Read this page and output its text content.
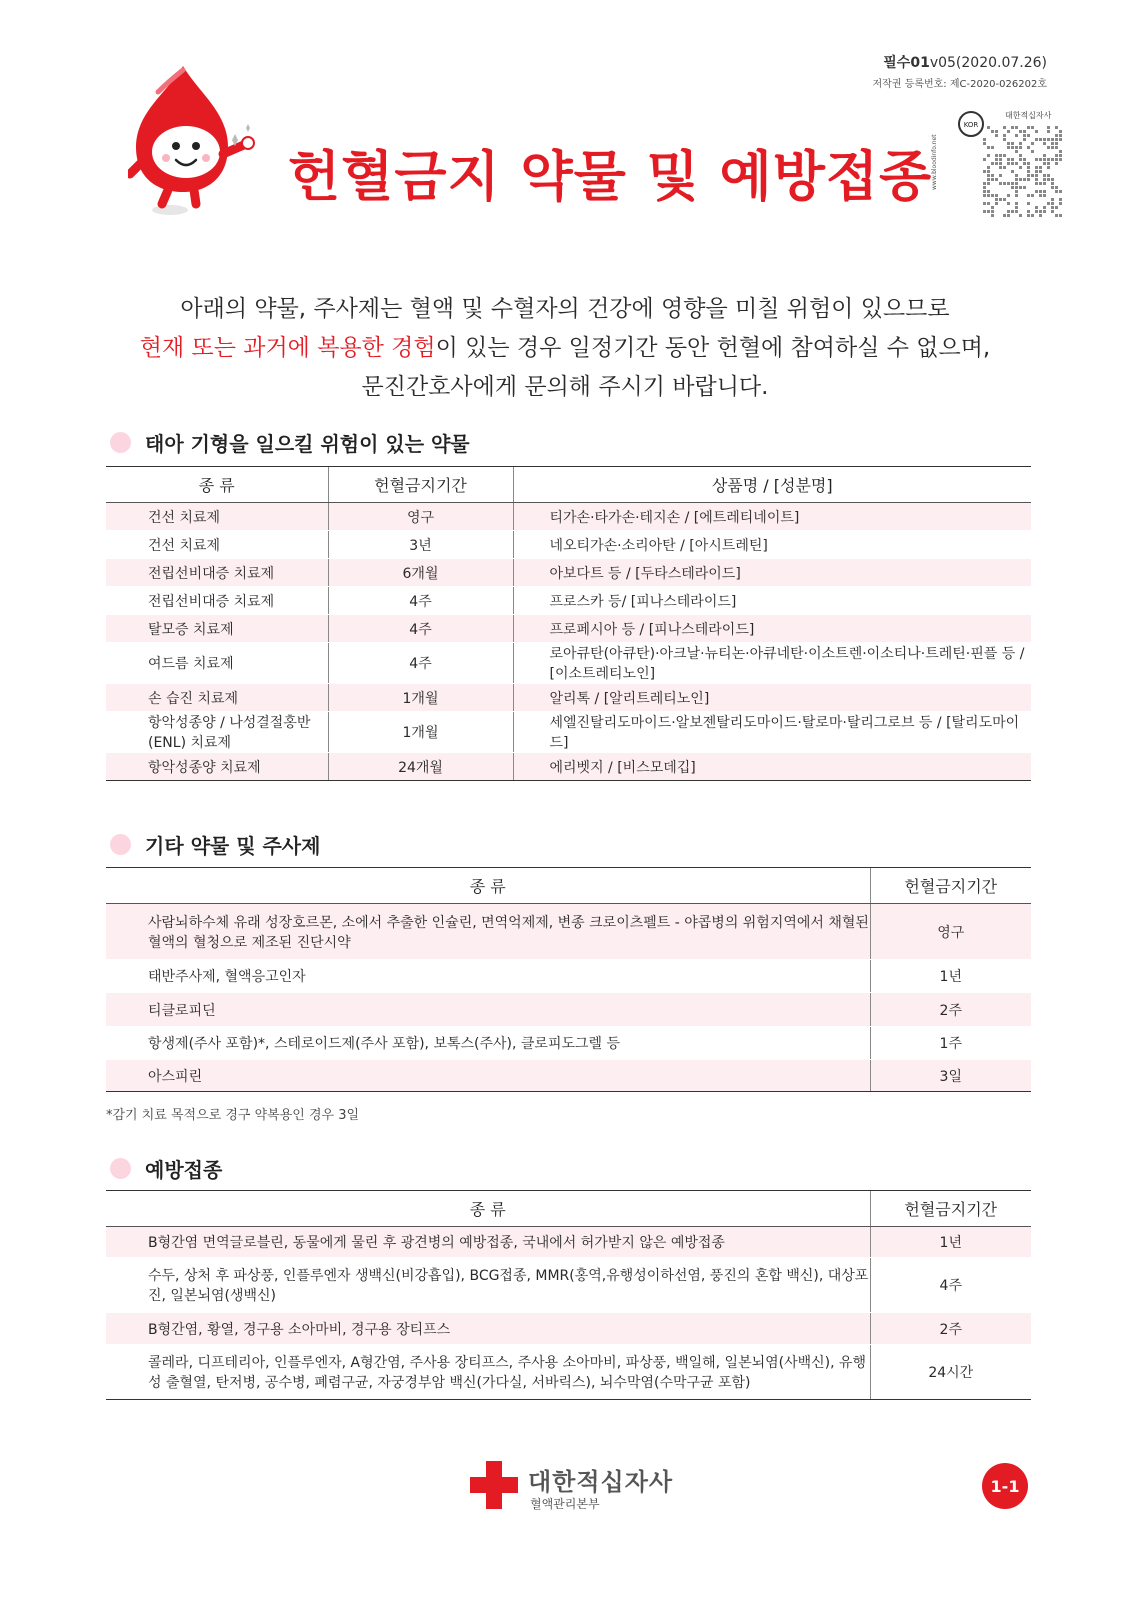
필수01v05(2020.07.26)
저작권 등록번호: 제C-2020-026202호
KOR
대한적십자사
www.bloodinfo.net
헌혈금지 약물 및 예방접종
아래의 약물, 주사제는 혈액 및 수혈자의 건강에 영향을 미칠 위험이 있으므로
현재 또는 과거에 복용한 경험이 있는 경우 일정기간 동안 헌혈에 참여하실 수 없으며,
문진간호사에게 문의해 주시기 바랍니다.
태아 기형을 일으킬 위험이 있는 약물
종 류	헌혈금지기간	상품명 / [성분명]
건선 치료제	영구	티가손·타가손·테지손 / [에트레티네이트]
건선 치료제	3년	네오티가손·소리아탄 / [아시트레틴]
전립선비대증 치료제	6개월	아보다트 등 / [두타스테라이드]
전립선비대증 치료제	4주	프로스카 등/ [피나스테라이드]
탈모증 치료제	4주	프로페시아 등 / [피나스테라이드]
여드름 치료제	4주	로아큐탄(아큐탄)·아크날·뉴티논·아큐네탄·이소트렌·이소티나·트레틴·핀플 등 / [이소트레티노인]
손 습진 치료제	1개월	알리톡 / [알리트레티노인]
항악성종양 / 나성결절홍반 (ENL) 치료제	1개월	세엘진탈리도마이드·알보젠탈리도마이드·탈로마·탈리그로브 등 / [탈리도마이드]
항악성종양 치료제	24개월	에리벳지 / [비스모데깁]
기타 약물 및 주사제
종 류	헌혈금지기간
사람뇌하수체 유래 성장호르몬, 소에서 추출한 인슐린, 면역억제제, 변종 크로이츠펠트 - 야콥병의 위험지역에서 채혈된 혈액의 혈청으로 제조된 진단시약	영구
태반주사제, 혈액응고인자	1년
티클로피딘	2주
항생제(주사 포함)*, 스테로이드제(주사 포함), 보톡스(주사), 클로피도그렐 등	1주
아스피린	3일
*감기 치료 목적으로 경구 약복용인 경우 3일
예방접종
종 류	헌혈금지기간
B형간염 면역글로블린, 동물에게 물린 후 광견병의 예방접종, 국내에서 허가받지 않은 예방접종	1년
수두, 상처 후 파상풍, 인플루엔자 생백신(비강흡입), BCG접종, MMR(홍역,유행성이하선염, 풍진의 혼합 백신), 대상포진, 일본뇌염(생백신)	4주
B형간염, 황열, 경구용 소아마비, 경구용 장티프스	2주
콜레라, 디프테리아, 인플루엔자, A형간염, 주사용 장티프스, 주사용 소아마비, 파상풍, 백일해, 일본뇌염(사백신), 유행성 출혈열, 탄저병, 공수병, 폐렴구균, 자궁경부암 백신(가다실, 서바릭스), 뇌수막염(수막구균 포함)	24시간
대한적십자사
혈액관리본부
1-1
